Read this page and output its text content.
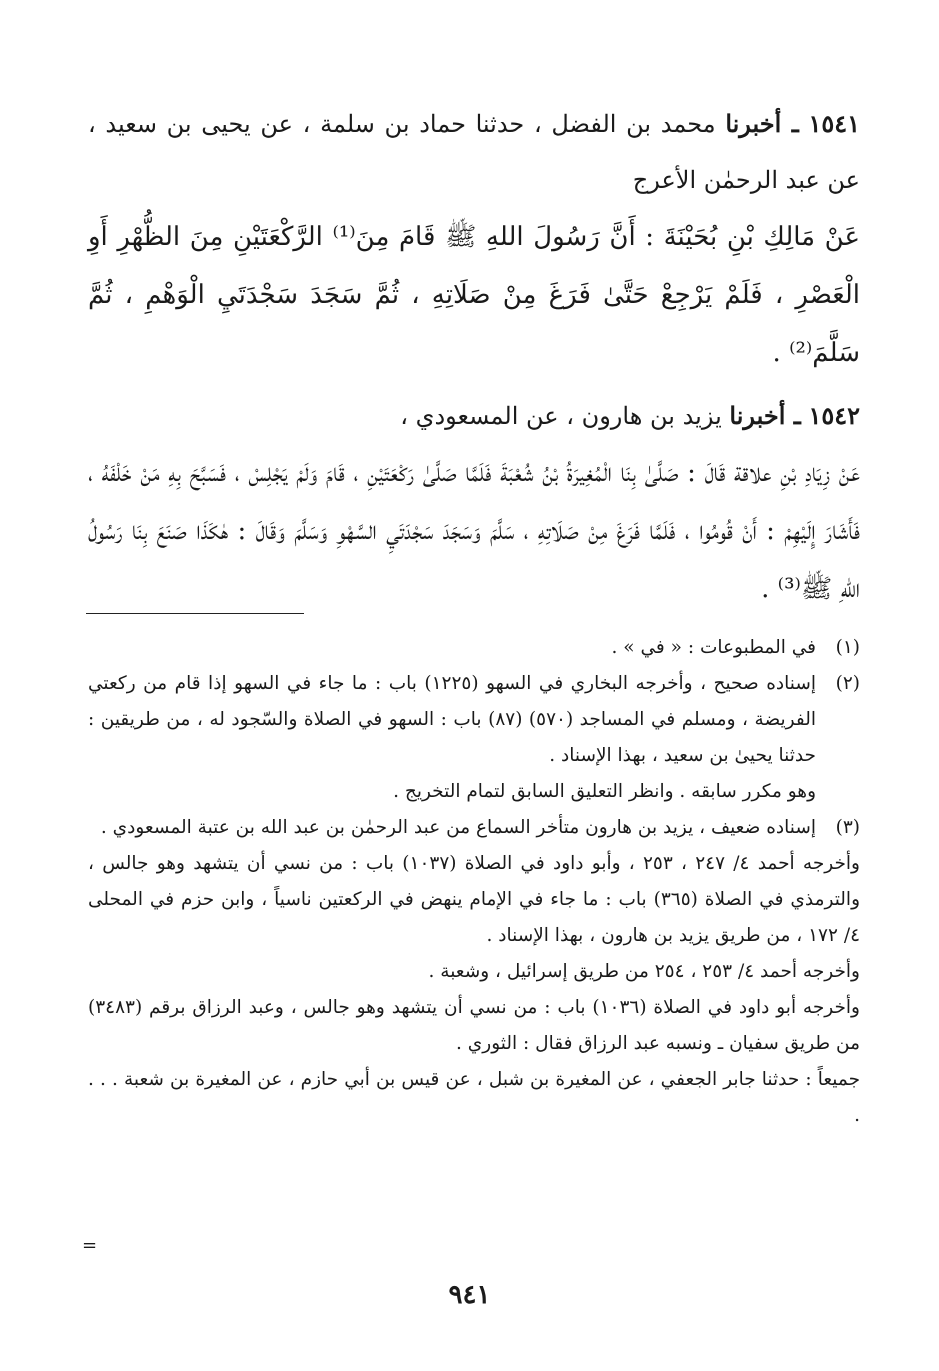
١٥٤١ ـ أخبرنا محمد بن الفضل ، حدثنا حماد بن سلمة ، عن يحيى بن سعيد ، عن عبد الرحمٰن الأعرج

عَنْ مَالِكِ بْنِ بُحَيْنَةَ : أَنَّ رَسُولَ اللهِ ﷺ قَامَ مِنَ⁽¹⁾ الرَّكْعَتَيْنِ مِنَ الظُّهْرِ أَوِ الْعَصْرِ ، فَلَمْ يَرْجِعْ حَتَّىٰ فَرَغَ مِنْ صَلَاتِهِ ، ثُمَّ سَجَدَ سَجْدَتَيِ الْوَهْمِ ، ثُمَّ سَلَّمَ⁽²⁾ .

١٥٤٢ ـ أخبرنا يزيد بن هارون ، عن المسعودي ،

عَنْ زِيَادِ بْنِ علاقة قَالَ : صَلَّىٰ بِنَا الْمُغِيرَةُ بْنُ شُعْبَةَ فَلَمَّا صَلَّىٰ رَكْعَتَيْنِ ، قَامَ وَلَمْ يَجْلِسْ ، فَسَبَّحَ بِهِ مَنْ خَلْفَهُ ، فَأَشَارَ إِلَيْهِمْ : أَنْ قُومُوا ، فَلَمَّا فَرَغَ مِنْ صَلَاتِهِ ، سَلَّمَ وَسَجَدَ سَجْدَتَيِ السَّهْوِ وَسَلَّمَ وَقَالَ : هٰكَذَا صَنَعَ بِنَا رَسُولُ اللهِ ﷺ⁽³⁾ .

(١)
في المطبوعات : « في » .
(٢)
إسناده صحيح ، وأخرجه البخاري في السهو (١٢٢٥) باب : ما جاء في السهو إذا قام من ركعتي الفريضة ، ومسلم في المساجد (٥٧٠) (٨٧) باب : السهو في الصلاة والسّجود له ، من طريقين : حدثنا يحيىٰ بن سعيد ، بهذا الإسناد .
وهو مكرر سابقه . وانظر التعليق السابق لتمام التخريج .
(٣)
إسناده ضعيف ، يزيد بن هارون متأخر السماع من عبد الرحمٰن بن عبد الله بن عتبة المسعودي .
وأخرجه أحمد ٤/ ٢٤٧ ، ٢٥٣ ، وأبو داود في الصلاة (١٠٣٧) باب : من نسي أن يتشهد وهو جالس ، والترمذي في الصلاة (٣٦٥) باب : ما جاء في الإمام ينهض في الركعتين ناسياً ، وابن حزم في المحلى ٤/ ١٧٢ ، من طريق يزيد بن هارون ، بهذا الإسناد .
وأخرجه أحمد ٤/ ٢٥٣ ، ٢٥٤ من طريق إسرائيل ، وشعبة .
وأخرجه أبو داود في الصلاة (١٠٣٦) باب : من نسي أن يتشهد وهو جالس ، وعبد الرزاق برقم (٣٤٨٣) من طريق سفيان ـ ونسبه عبد الرزاق فقال : الثوري .
جميعاً : حدثنا جابر الجعفي ، عن المغيرة بن شبل ، عن قيس بن أبي حازم ، عن المغيرة بن شعبة . . . .
=
٩٤١
